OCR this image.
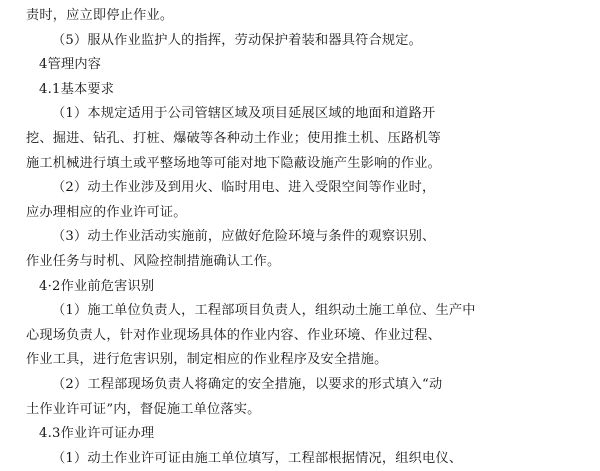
责时，应立即停止作业。
（5）服从作业监护人的指挥，劳动保护着装和器具符合规定。
4管理内容
4.1基本要求
（1）本规定适用于公司管辖区域及项目延展区域的地面和道路开
挖、掘进、钻孔、打桩、爆破等各种动土作业；使用推土机、压路机等
施工机械进行填土或平整场地等可能对地下隐蔽设施产生影响的作业。
（2）动土作业涉及到用火、临时用电、进入受限空间等作业时，
应办理相应的作业许可证。
（3）动土作业活动实施前，应做好危险环境与条件的观察识别、
作业任务与时机、风险控制措施确认工作。
4·2作业前危害识别
（1）施工单位负责人，工程部项目负责人，组织动土施工单位、生产中
心现场负责人，针对作业现场具体的作业内容、作业环境、作业过程、
作业工具，进行危害识别，制定相应的作业程序及安全措施。
（2）工程部现场负责人将确定的安全措施，以要求的形式填入“动
土作业许可证”内，督促施工单位落实。
4.3作业许可证办理
（1）动土作业许可证由施工单位填写，工程部根据情况，组织电仪、
